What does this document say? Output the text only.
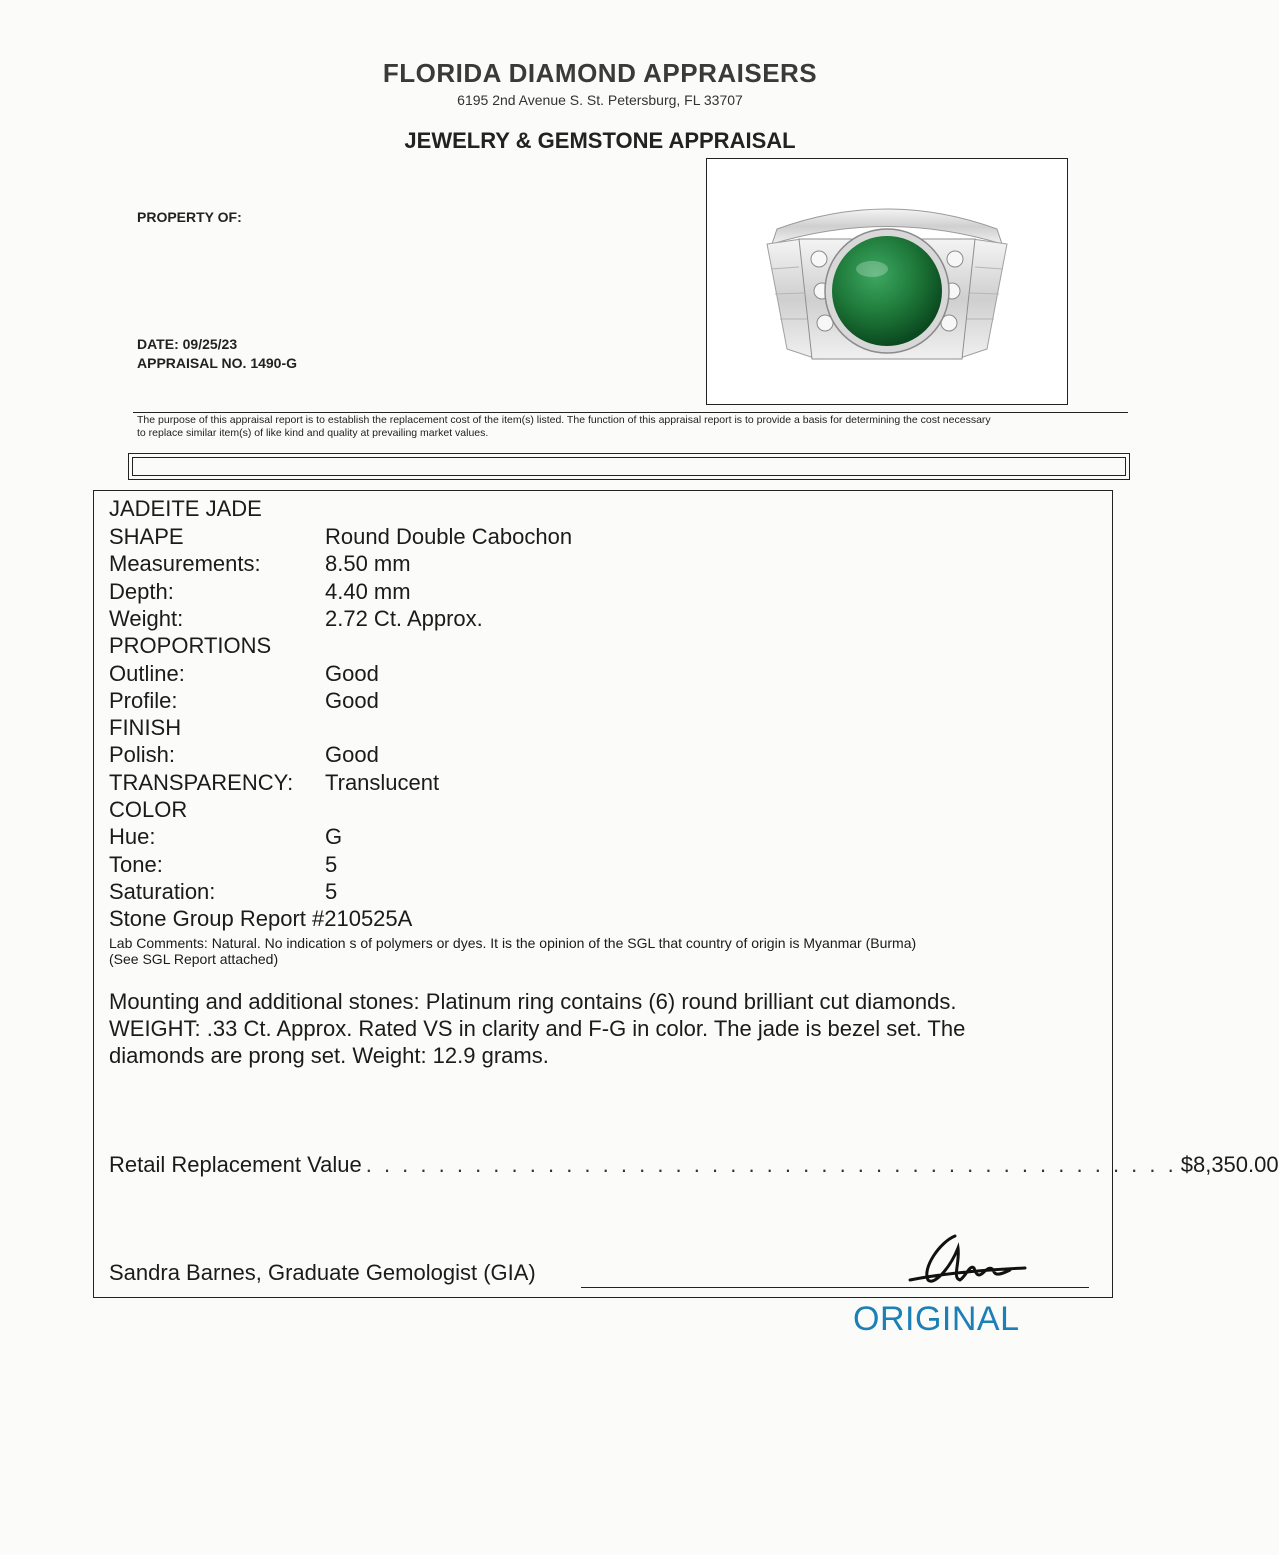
FLORIDA DIAMOND APPRAISERS
6195 2nd Avenue S. St. Petersburg, FL 33707
JEWELRY & GEMSTONE APPRAISAL
PROPERTY OF:
DATE: 09/25/23
APPRAISAL NO. 1490-G
The purpose of this appraisal report is to establish the replacement cost of the item(s) listed. The function of this appraisal report is to provide a basis for determining the cost necessary
to replace similar item(s) of like kind and quality at prevailing market values.
JADEITE JADE
SHAPE	Round Double Cabochon
Measurements:	8.50 mm
Depth:	4.40 mm
Weight:	2.72 Ct. Approx.
PROPORTIONS
Outline:	Good
Profile:	Good
FINISH
Polish:	Good
TRANSPARENCY: Translucent
COLOR
Hue:	G
Tone:	5
Saturation:	5
Stone Group Report #210525A
Lab Comments: Natural. No indication s of polymers or dyes. It is the opinion of the SGL that country of origin is Myanmar (Burma)
(See SGL Report attached)
Mounting and additional stones: Platinum ring contains (6) round brilliant cut diamonds.
WEIGHT: .33 Ct. Approx. Rated VS in clarity and F-G in color. The jade is bezel set. The
diamonds are prong set. Weight: 12.9 grams.
Retail Replacement Value . . . . . . . . . . . . . . . . . . . . . . . . . . . . . . . . . . . . . . . . . . . . . $8,350.00
Sandra Barnes, Graduate Gemologist (GIA)
ORIGINAL
